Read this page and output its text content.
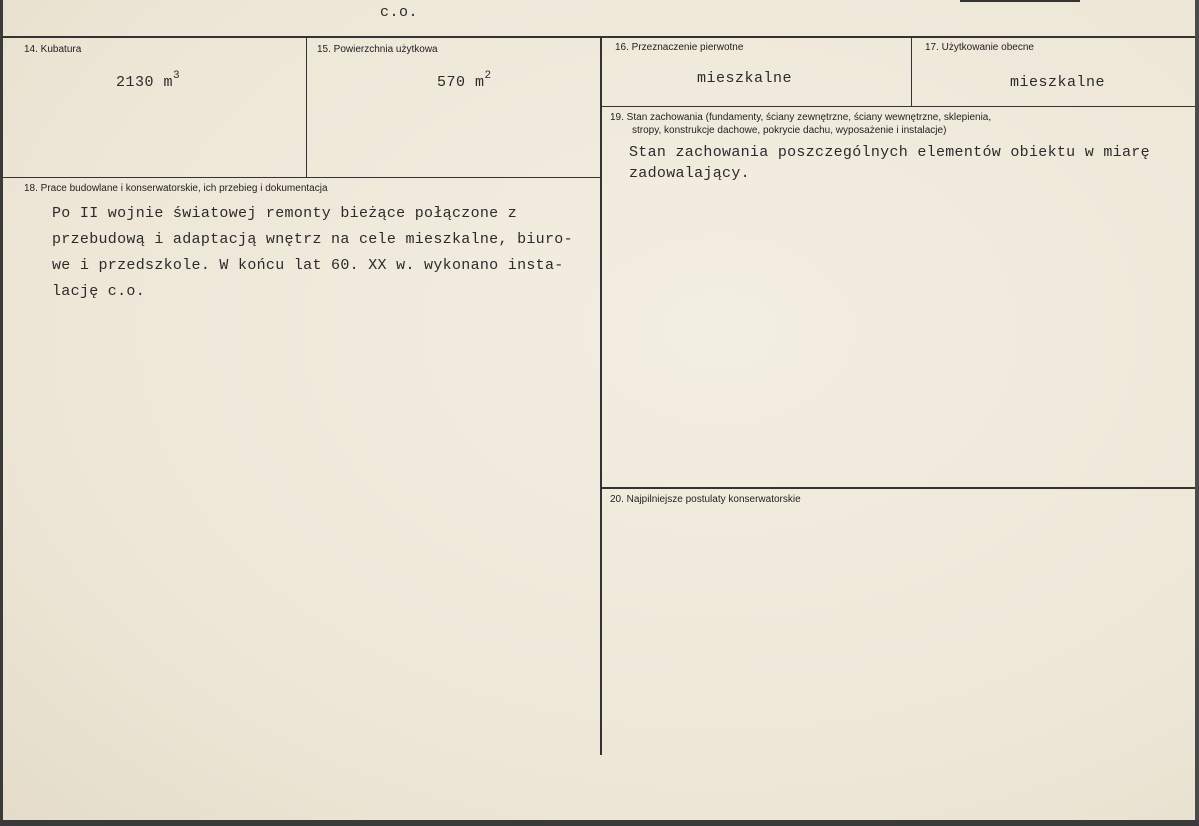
c.o.
14. Kubatura
2130 $m^3$
15. Powierzchnia użytkowa
570 $m^2$
16. Przeznaczenie pierwotne
mieszkalne
17. Użytkowanie obecne
mieszkalne
19. Stan zachowania (fundamenty, ściany zewnętrzne, ściany wewnętrzne, sklepienia,
stropy, konstrukcje dachowe, pokrycie dachu, wyposażenie i instalacje)
Stan zachowania poszczególnych elementów obiektu w miarę
zadowalający.
18. Prace budowlane i konserwatorskie, ich przebieg i dokumentacja
Po II wojnie światowej remonty bieżące połączone z
przebudową i adaptacją wnętrz na cele mieszkalne, biuro-
we i przedszkole. W końcu lat 60. XX w. wykonano insta-
lację c.o.
20. Najpilniejsze postulaty konserwatorskie
